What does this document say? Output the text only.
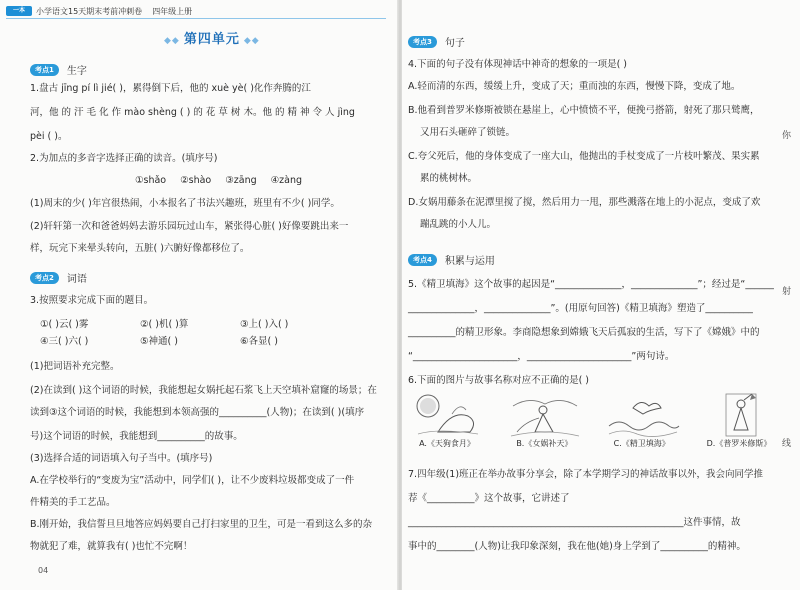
一本	小学语文15天期末考前冲刺卷 四年级上册
◆◆ 第四单元 ◆◆
考点1	生字
1.盘古 jīng pí lì jié( )，累得倒下后，他的 xuè yè( )化作奔腾的江
河，他 的 汗 毛 化 作 mào shèng ( ) 的 花 草 树 木。他 的 精 神 令 人 jìng
pèi ( )。
2.为加点的多音字选择正确的读音。(填序号)
①shǎo ②shào ③zāng ④zàng
(1)周末的少( )年宫很热闹，小本报名了书法兴趣班，班里有不少( )同学。
(2)轩轩第一次和爸爸妈妈去游乐园玩过山车，紧张得心脏( )好像要跳出来一
样，玩完下来晕头转向，五脏( )六腑好像都移位了。
考点2	词语
3.按照要求完成下面的题目。
①( )云( )雾	②( )机( )算	③上( )入( )
④三( )六( )	⑤神通( )	⑥各显( )
(1)把词语补充完整。
(2)在读到( )这个词语的时候，我能想起女娲托起石浆飞上天空填补窟窿的场景；在
读到③这个词语的时候，我能想到本领高强的__________(人物)；在读到( )(填序
号)这个词语的时候，我能想到__________的故事。
(3)选择合适的词语填入句子当中。(填序号)
A.在学校举行的“变废为宝”活动中，同学们( )，让不少废料垃圾都变成了一件
件精美的手工艺品。
B.刚开始，我信誓旦旦地答应妈妈要自己打扫家里的卫生，可是一看到这么多的杂
物就犯了难，就算我有( )也忙不完啊！
04
考点3	句子
4.下面的句子没有体现神话中神奇的想象的一项是( )
A.轻而清的东西，缓缓上升，变成了天；重而浊的东西，慢慢下降，变成了地。
B.他看到普罗米修斯被锁在悬崖上，心中愤愤不平，便挽弓搭箭，射死了那只鹫鹰，
又用石头砸碎了锁链。
C.夸父死后，他的身体变成了一座大山，他抛出的手杖变成了一片枝叶繁茂、果实累
累的桃树林。
D.女娲用藤条在泥潭里搅了搅，然后用力一甩，那些溅落在地上的小泥点，变成了欢
蹦乱跳的小人儿。
考点4	积累与运用
5.《精卫填海》这个故事的起因是“______________，______________”；经过是“______
______________，______________”。(用原句回答)《精卫填海》塑造了__________
__________的精卫形象。李商隐想象到嫦娥飞天后孤寂的生活，写下了《嫦娥》中的
“______________________，______________________”两句诗。
6.下面的图片与故事名称对应不正确的是( )
A.《天狗食月》	B.《女娲补天》	C.《精卫填海》	D.《普罗米修斯》
7.四年级(1)班正在举办故事分享会，除了本学期学习的神话故事以外，我会向同学推
荐《__________》这个故事，它讲述了
__________________________________________________________这件事情，故
事中的________(人物)让我印象深刻，我在他(她)身上学到了__________的精神。
你
射
线
